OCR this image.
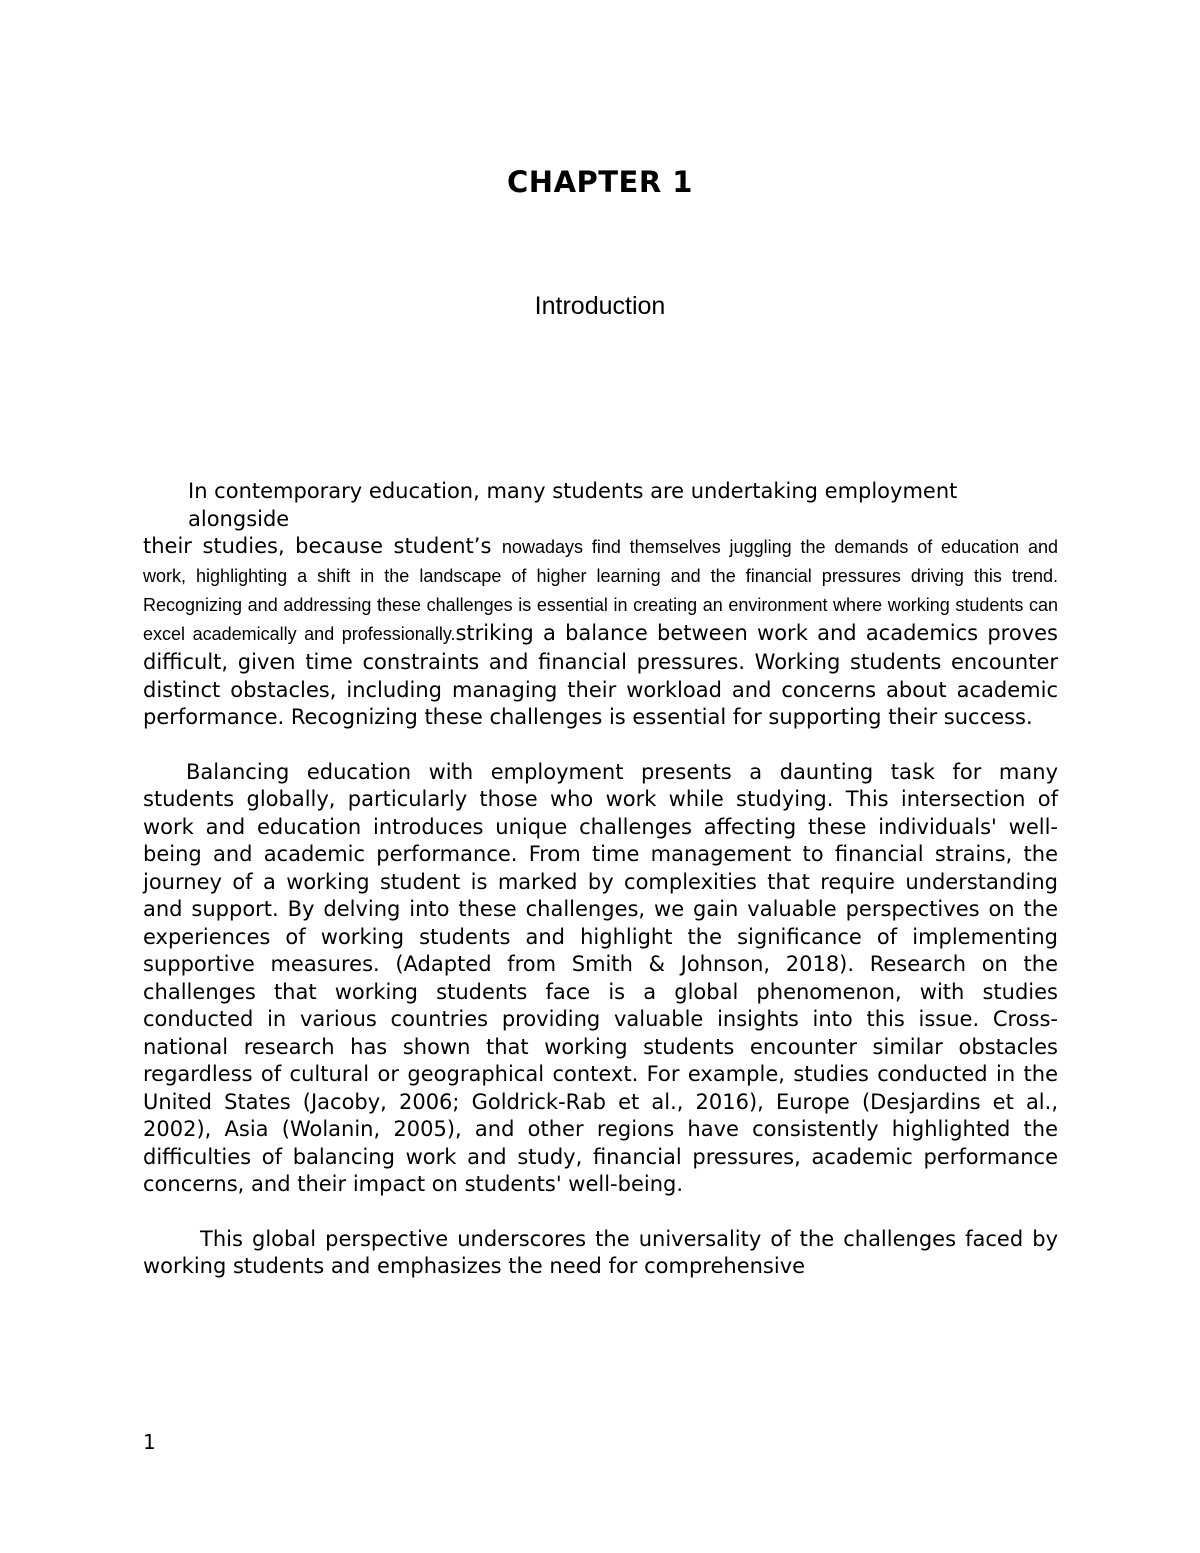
CHAPTER 1
Introduction

In contemporary education, many students are undertaking employment alongside
their studies, because student’s nowadays find themselves juggling the demands of education and work, highlighting a shift in the landscape of higher learning and the financial pressures driving this trend. Recognizing and addressing these challenges is essential in creating an environment where working students can excel academically and professionally.striking a balance between work and academics proves difficult, given time constraints and financial pressures. Working students encounter distinct obstacles, including managing their workload and concerns about academic performance. Recognizing these challenges is essential for supporting their success.

Balancing education with employment presents a daunting task for many students globally, particularly those who work while studying. This intersection of work and education introduces unique challenges affecting these individuals' well-being and academic performance. From time management to financial strains, the journey of a working student is marked by complexities that require understanding and support. By delving into these challenges, we gain valuable perspectives on the experiences of working students and highlight the significance of implementing supportive measures. (Adapted from Smith & Johnson, 2018). Research on the challenges that working students face is a global phenomenon, with studies conducted in various countries providing valuable insights into this issue. Cross-national research has shown that working students encounter similar obstacles regardless of cultural or geographical context. For example, studies conducted in the United States (Jacoby, 2006; Goldrick-Rab et al., 2016), Europe (Desjardins et al., 2002), Asia (Wolanin, 2005), and other regions have consistently highlighted the difficulties of balancing work and study, financial pressures, academic performance concerns, and their impact on students' well-being.

This global perspective underscores the universality of the challenges faced by working students and emphasizes the need for comprehensive

1
